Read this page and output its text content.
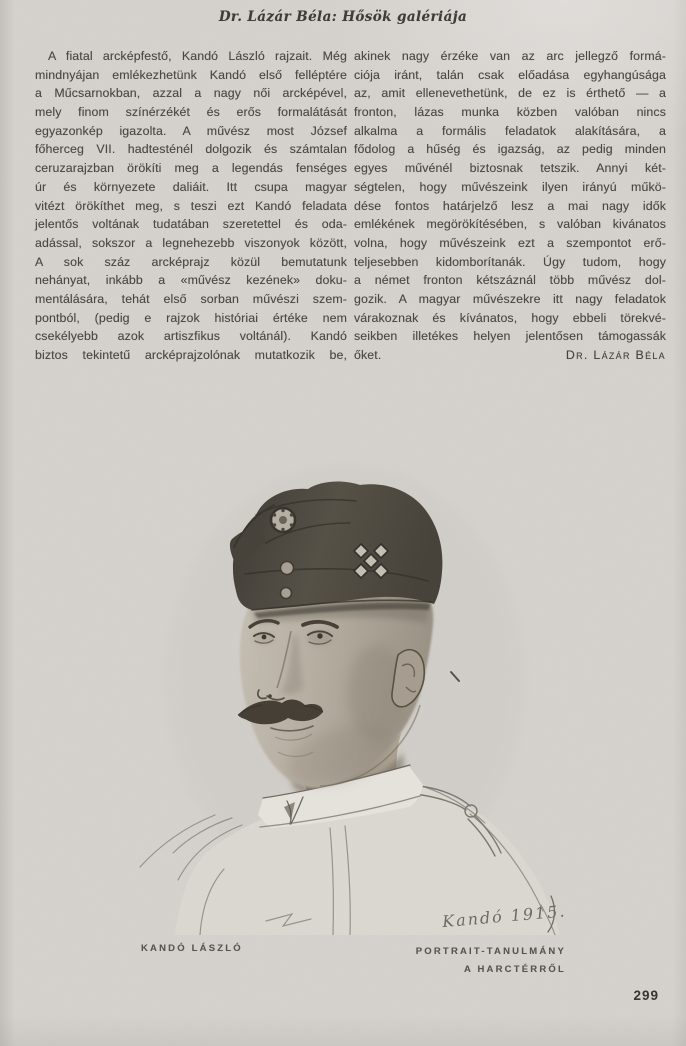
Dr. Lázár Béla: Hősök galériája
A fiatal arcképfestő, Kandó László rajzait. Még
mindnyájan emlékezhetünk Kandó első felléptére
a Műcsarnokban, azzal a nagy női arcképével,
mely finom színérzékét és erős formalátását
egyazonkép igazolta. A művész most József
főherceg VII. hadtesténél dolgozik és számtalan
ceruzarajzban örökíti meg a legendás fenséges
úr és környezete daliáit. Itt csupa magyar
vitézt örökíthet meg, s teszi ezt Kandó feladata
jelentős voltának tudatában szeretettel és oda-
adással, sokszor a legnehezebb viszonyok között,
A sok száz arcképrajz közül bemutatunk
nehányat, inkább a «művész kezének» doku-
mentálására, tehát első sorban művészi szem-
pontból, (pedig e rajzok históriai értéke nem
csekélyebb azok artiszfikus voltánál). Kandó
biztos tekintetű arcképrajzolónak mutatkozik be,
akinek nagy érzéke van az arc jellegző formá-
ciója iránt, talán csak előadása egyhangúsága
az, amit ellenevethetünk, de ez is érthető — a
fronton, lázas munka közben valóban nincs
alkalma a formális feladatok alakítására, a
fődolog a hűség és igazság, az pedig minden
egyes művénél biztosnak tetszik. Annyi két-
ségtelen, hogy művészeink ilyen irányú műkö-
dése fontos határjelző lesz a mai nagy idők
emlékének megörökítésében, s valóban kivánatos
volna, hogy művészeink ezt a szempontot erő-
teljesebben kidomborítanák. Úgy tudom, hogy
a német fronton kétszáznál több művész dol-
gozik. A magyar művészekre itt nagy feladatok
várakoznak és kívánatos, hogy ebbeli törekvé-
seikben illetékes helyen jelentősen támogassák
őket.	Dr. Lázár Béla
Kandó 1915.
KANDÓ LÁSZLÓ	PORTRAIT-TANULMÁNY
A HARCTÉRRŐL
299
